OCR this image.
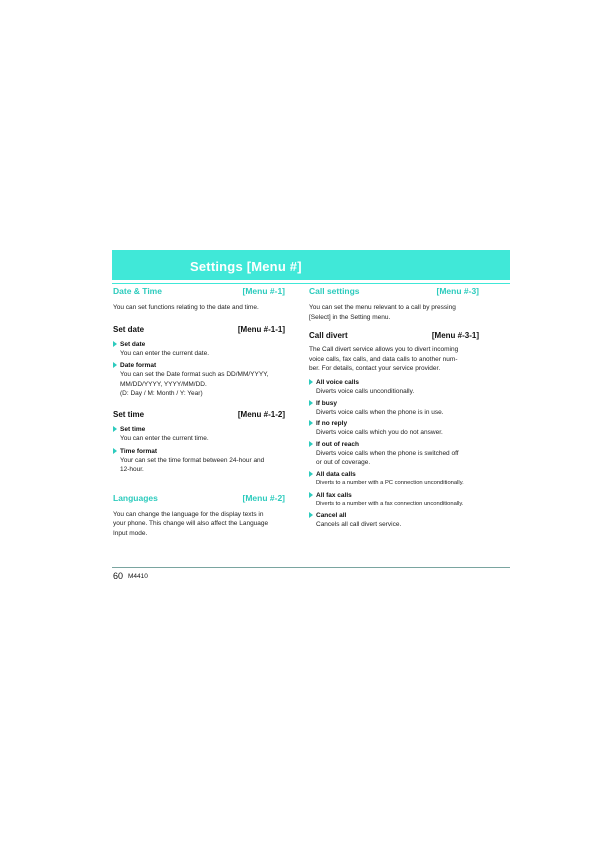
Settings [Menu #]
Date & Time	[Menu #-1]
You can set functions relating to the date and time.
Set date	[Menu #-1-1]
Set date
You can enter the current date.
Date format
You can set the Date format such as DD/MM/YYYY,
MM/DD/YYYY, YYYY/MM/DD.
(D: Day / M: Month / Y: Year)
Set time	[Menu #-1-2]
Set time
You can enter the current time.
Time format
Your can set the time format between 24-hour and
12-hour.
Languages	[Menu #-2]
You can change the language for the display texts in
your phone. This change will also affect the Language
Input mode.
Call settings	[Menu #-3]
You can set the menu relevant to a call by pressing
[Select] in the Setting menu.
Call divert	[Menu #-3-1]
The Call divert service allows you to divert incoming
voice calls, fax calls, and data calls to another num-
ber. For details, contact your service provider.
All voice calls
Diverts voice calls unconditionally.
If busy
Diverts voice calls when the phone is in use.
If no reply
Diverts voice calls which you do not answer.
If out of reach
Diverts voice calls when the phone is switched off
or out of coverage.
All data calls
Diverts to a number with a PC connection unconditionally.
All fax calls
Diverts to a number with a fax connection unconditionally.
Cancel all
Cancels all call divert service.
60 M4410
